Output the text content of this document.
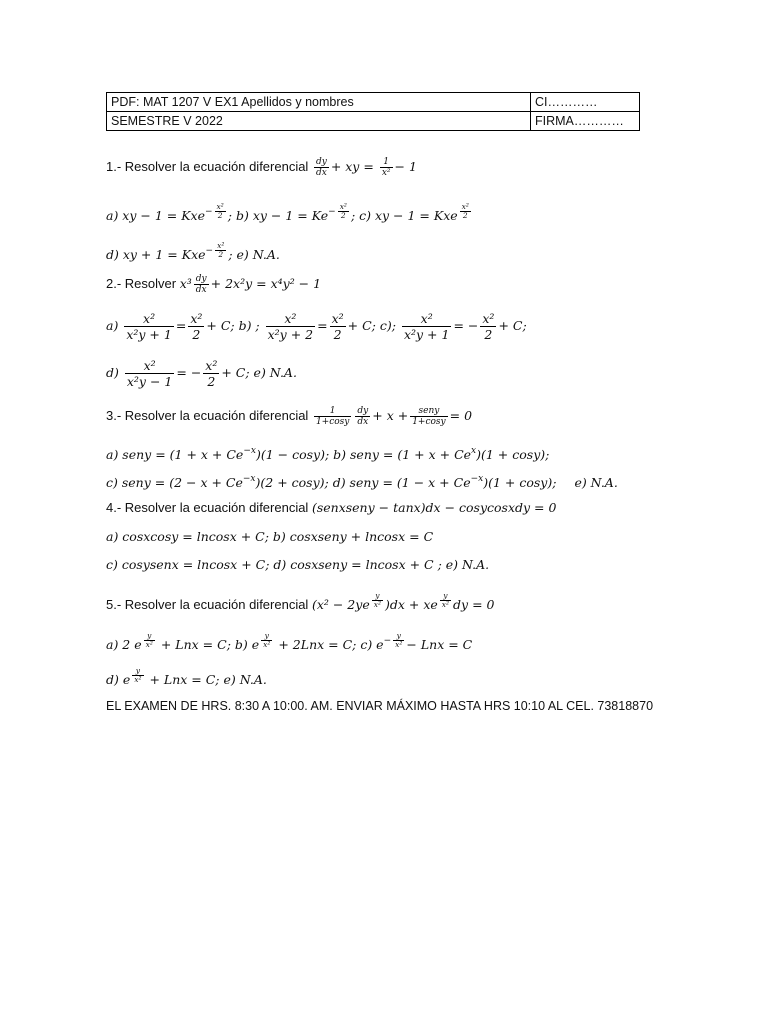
PDF: MAT 1207 V EX1 Apellidos y nombres	CI…………
SEMESTRE V 2022	FIRMA…………
1.- Resolver la ecuación diferencial $\frac{dy}{dx}$ + xy = $\frac{1}{\text{x²}} - 1$
a) xy − 1 = Kxe$^{- \frac{\text{x²}}{2}}$ ; b) xy − $1 = Ke^{- \frac{\text{x²}}{2}}$ ; c) xy − 1 = Kxe $^{\frac{\text{x²}}{2}}$
d) xy + 1 = Kxe$^{- \frac{\text{x²}}{2}}$ ; e) N.A.
2.- Resolver $x^3 \frac{dy}{dx} + 2x^2y = x^4y^2 - 1$
$a) \frac{\text{x²}}{\text{x²y + 1}} = \frac{\text{x²}}{2} + C$; b) ; $\frac{\text{x²}}{\text{x²y + 2}} = \frac{\text{x²}}{2} + C$; c); $\frac{\text{x²}}{\text{x²y + 1}}$ = − $\frac{\text{x²}}{2} + C$;
$d) \frac{\text{x²}}{\text{x²y − 1}}$ = − $\frac{\text{x²}}{2} + C$; e) N.A.
3.- Resolver la ecuación diferencial $\frac{1}{1+\cos y} \frac{dy}{dx} + x + \frac{\text{seny}}{1+\cos y} = 0$
a) seny = $(1 + x + Ce^{-x})(1 - \cos y)$; b) seny = $(1 + x + Ce^x)(1 + \cos y)$;
c) seny = $(2 - x + Ce^{-x})(2 + \cos y)$; d) seny = $(1 - x + Ce^{-x})(1 + \cos y)$; e) N.A.
4.- Resolver la ecuación diferencial (senxseny − tanx)dx − cosycosxdy = 0
a) cosxcosy = lncosx + C; b) cosxseny + lncosx = C
c) cosysenx = lncosx + C; d) cosxseny = lncosx + C ; e) N.A.
5.- Resolver la ecuación diferencial (x² − 2ye $^{\frac{y}{\text{x²}}}$ )dx + xe $^{\frac{y}{\text{x²}}}$ dy = 0
a) 2 e $^{\frac{y}{\text{x²}}}$ + Lnx = C; b) e $^{\frac{y}{\text{x²}}}$ + 2Lnx = C; c) $e^{- \frac{y}{\text{x²}}}$ − Lnx = C
d) e $^{\frac{y}{\text{x²}}}$ + Lnx = C; e) N.A.
EL EXAMEN DE HRS. 8:30 A 10:00. AM. ENVIAR MÁXIMO HASTA HRS 10:10 AL CEL. 73818870
